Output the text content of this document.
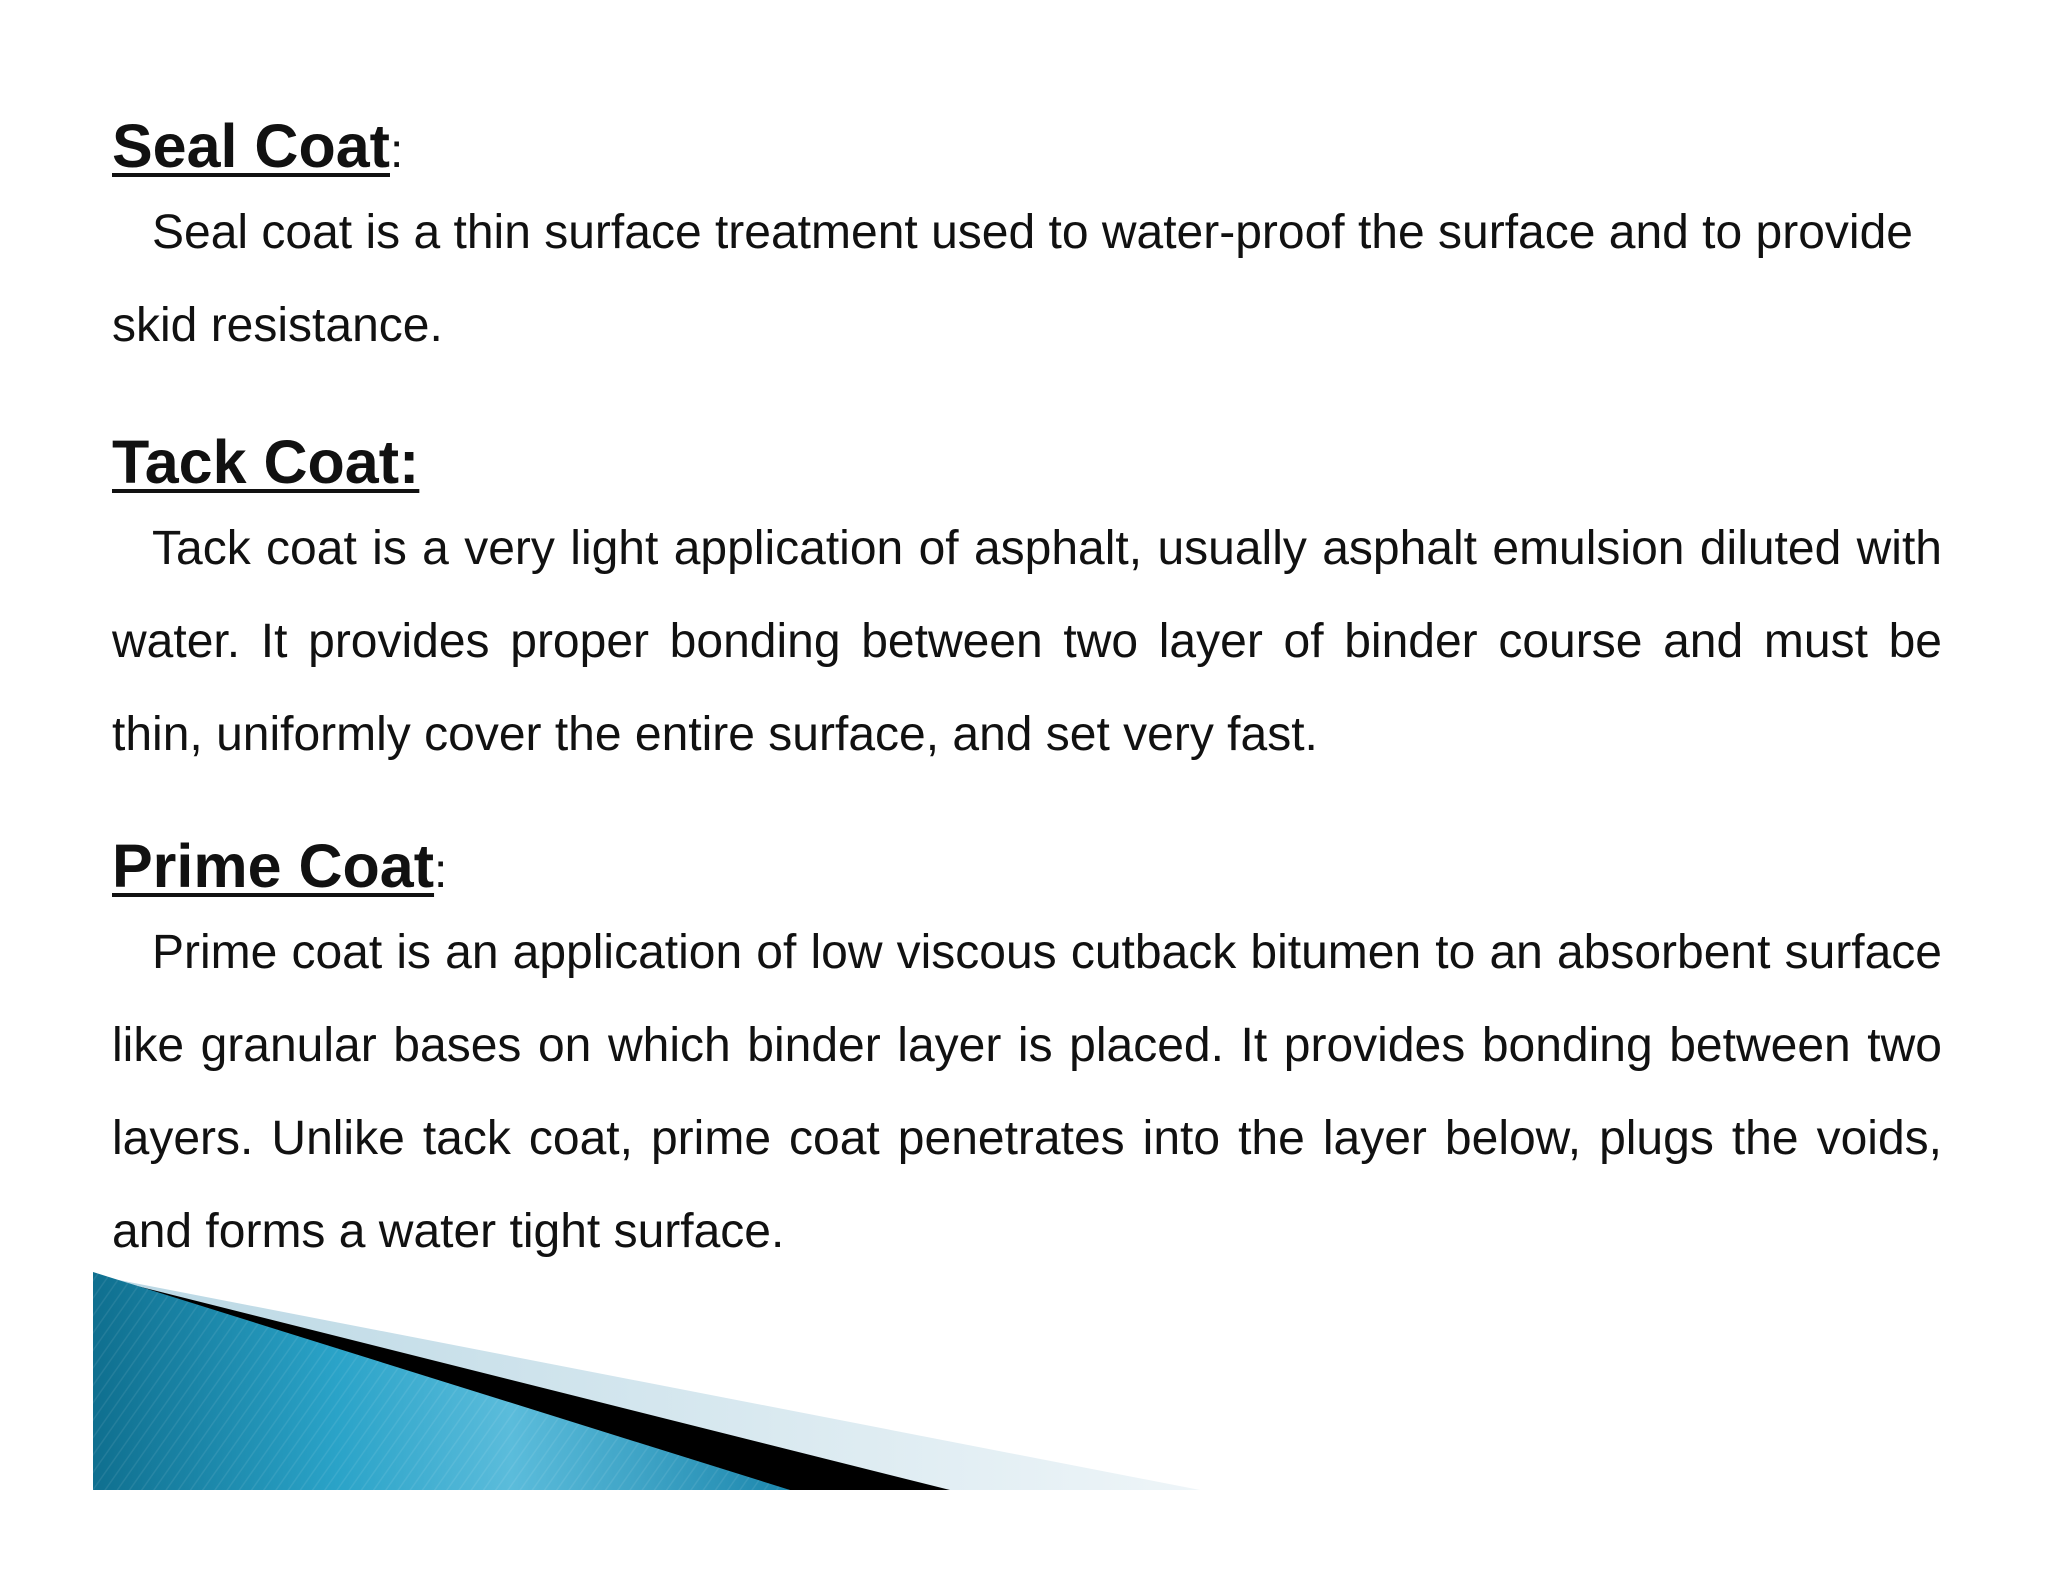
Seal Coat:

Seal coat is a thin surface treatment used to water-proof the surface and to provide skid resistance.

Tack Coat:

Tack coat is a very light application of asphalt, usually asphalt emulsion diluted with water. It provides proper bonding between two layer of binder course and must be thin, uniformly cover the entire surface, and set very fast.

Prime Coat:

Prime coat is an application of low viscous cutback bitumen to an absorbent surface like granular bases on which binder layer is placed. It provides bonding between two layers. Unlike tack coat, prime coat penetrates into the layer below, plugs the voids, and forms a water tight surface.
